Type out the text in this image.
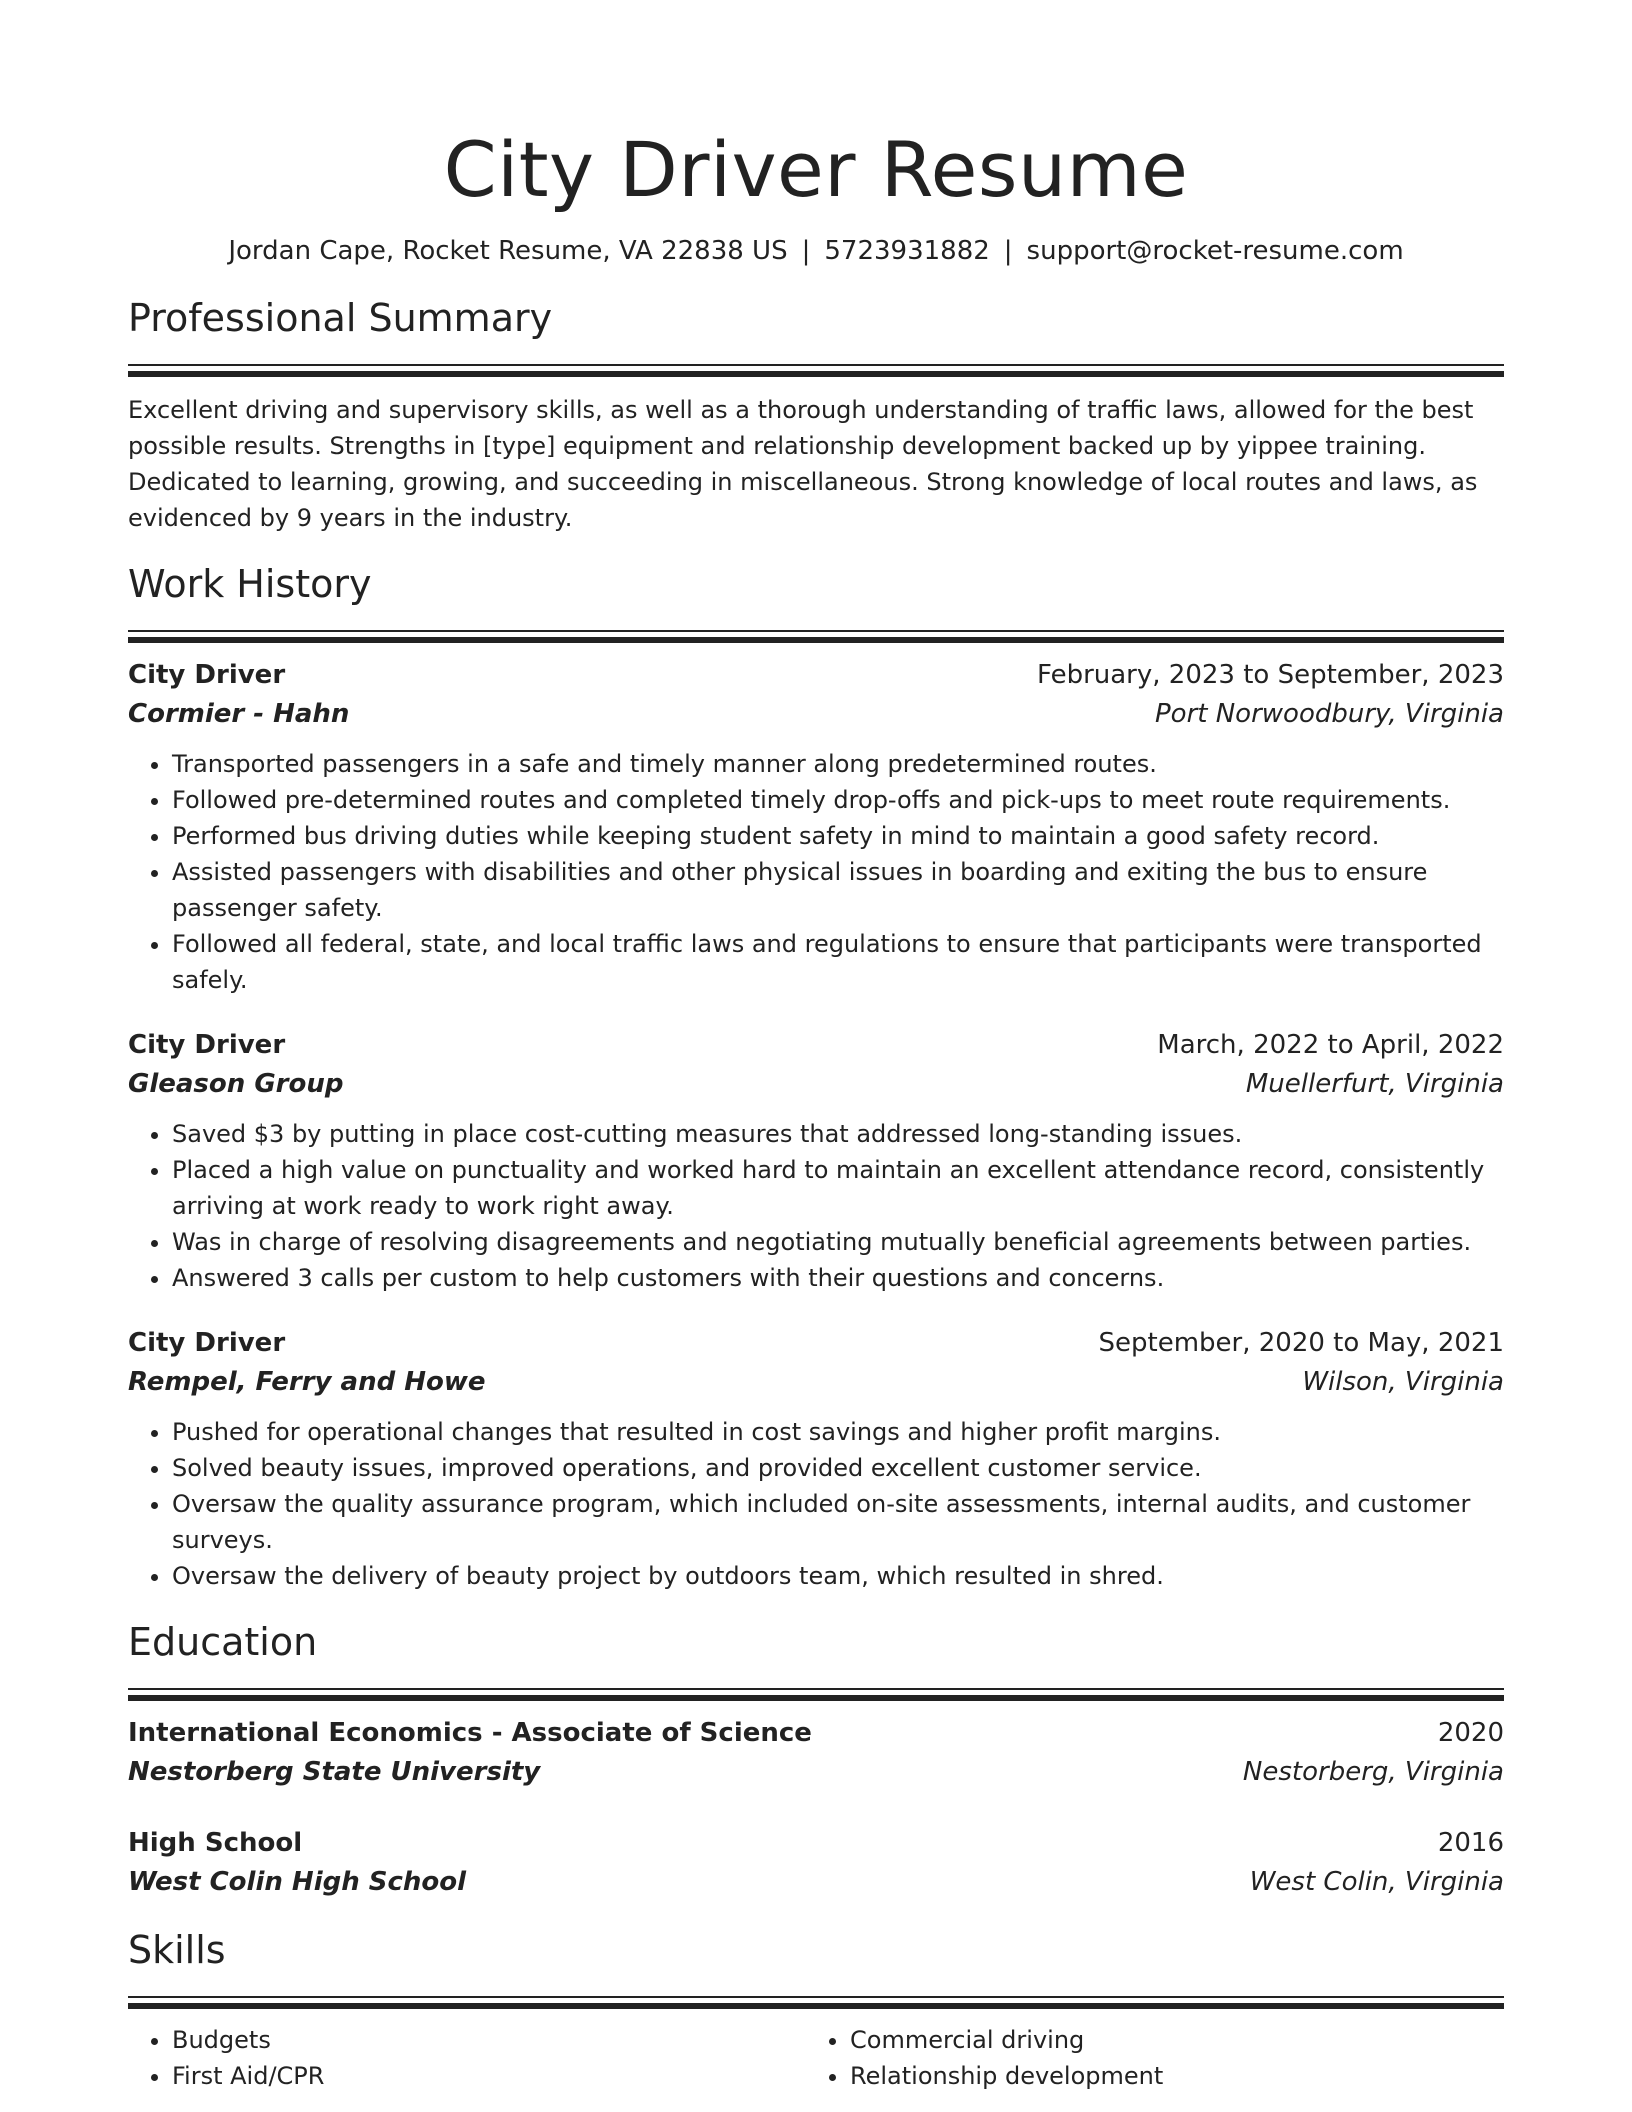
City Driver Resume
Jordan Cape, Rocket Resume, VA 22838 US | 5723931882 | support@rocket-resume.com
Professional Summary

Excellent driving and supervisory skills, as well as a thorough understanding of traffic laws, allowed for the best possible results. Strengths in [type] equipment and relationship development backed up by yippee training. Dedicated to learning, growing, and succeeding in miscellaneous. Strong knowledge of local routes and laws, as evidenced by 9 years in the industry.

Work History
City Driver	February, 2023 to September, 2023
Cormier - Hahn	Port Norwoodbury, Virginia
• Transported passengers in a safe and timely manner along predetermined routes.
• Followed pre-determined routes and completed timely drop-offs and pick-ups to meet route requirements.
• Performed bus driving duties while keeping student safety in mind to maintain a good safety record.
• Assisted passengers with disabilities and other physical issues in boarding and exiting the bus to ensure passenger safety.
• Followed all federal, state, and local traffic laws and regulations to ensure that participants were transported safely.
City Driver	March, 2022 to April, 2022
Gleason Group	Muellerfurt, Virginia
• Saved $3 by putting in place cost-cutting measures that addressed long-standing issues.
• Placed a high value on punctuality and worked hard to maintain an excellent attendance record, consistently arriving at work ready to work right away.
• Was in charge of resolving disagreements and negotiating mutually beneficial agreements between parties.
• Answered 3 calls per custom to help customers with their questions and concerns.
City Driver	September, 2020 to May, 2021
Rempel, Ferry and Howe	Wilson, Virginia
• Pushed for operational changes that resulted in cost savings and higher profit margins.
• Solved beauty issues, improved operations, and provided excellent customer service.
• Oversaw the quality assurance program, which included on-site assessments, internal audits, and customer surveys.
• Oversaw the delivery of beauty project by outdoors team, which resulted in shred.
Education
International Economics - Associate of Science	2020
Nestorberg State University	Nestorberg, Virginia
High School	2016
West Colin High School	West Colin, Virginia
Skills
• Budgets
• First Aid/CPR
• Commercial driving
• Relationship development
